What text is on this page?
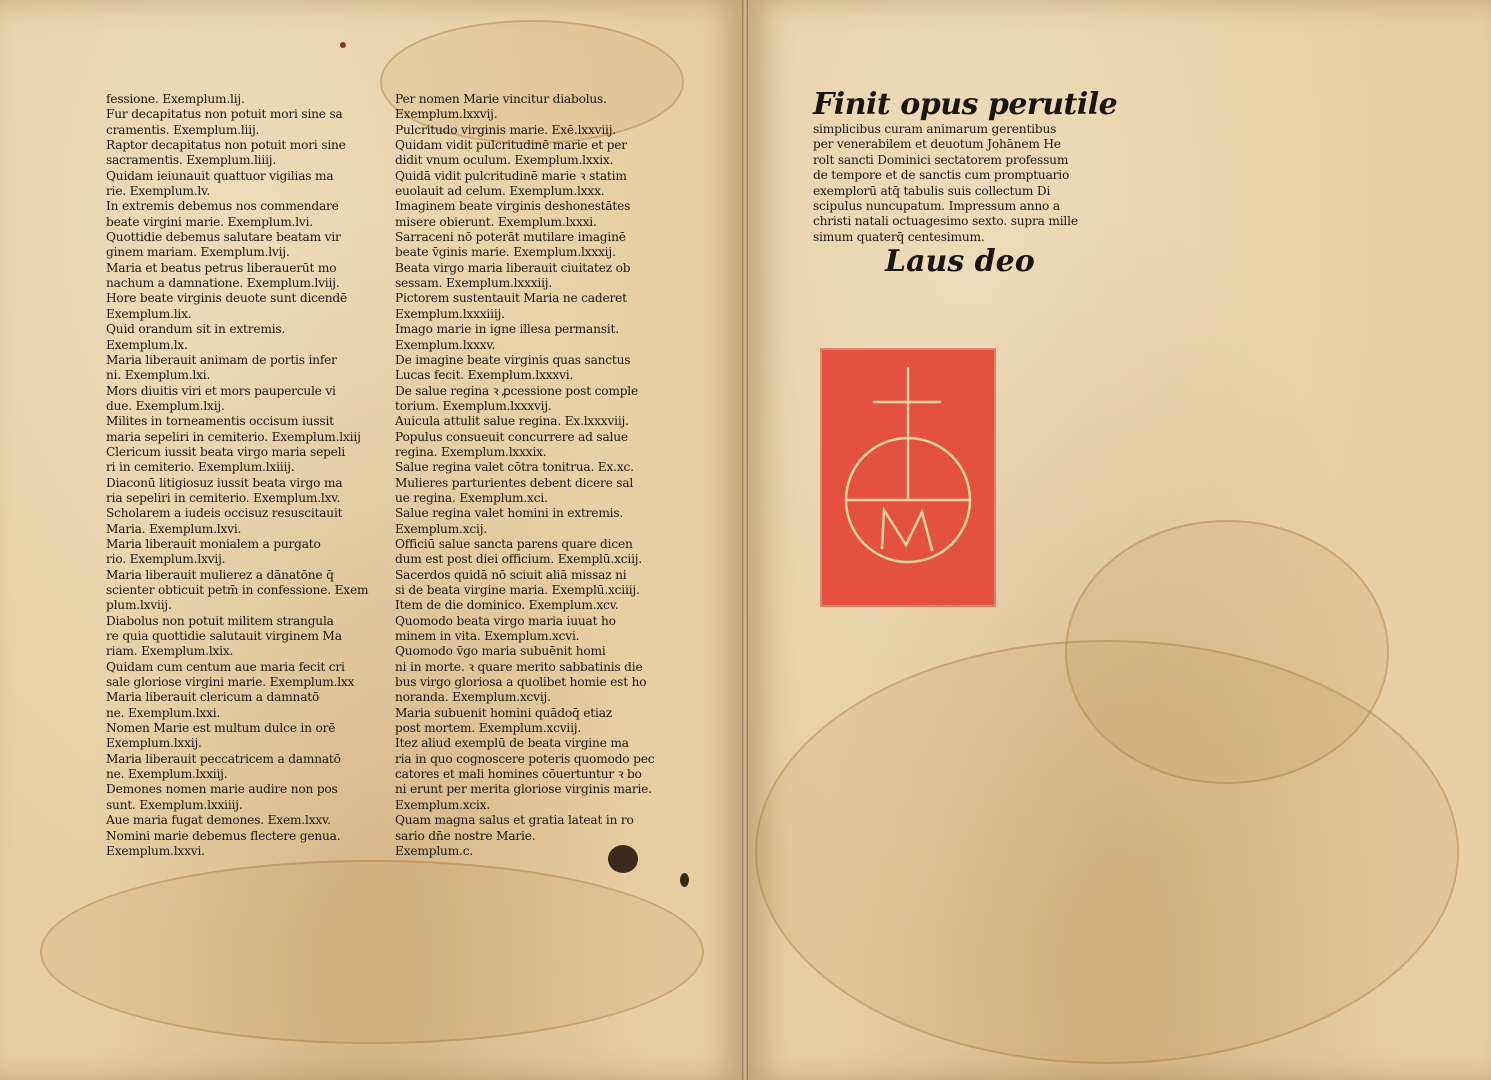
fessione. Exemplum.lij.
Fur decapitatus non potuit mori sine sa
cramentis. Exemplum.liij.
Raptor decapitatus non potuit mori sine
sacramentis. Exemplum.liiij.
Quidam ieiunauit quattuor vigilias ma
rie. Exemplum.lv.
In extremis debemus nos commendare
beate virgini marie. Exemplum.lvi.
Quottidie debemus salutare beatam vir
ginem mariam. Exemplum.lvij.
Maria et beatus petrus liberauerūt mo
nachum a damnatione. Exemplum.lviij.
Hore beate virginis deuote sunt dicendē
Exemplum.lix.
Quid orandum sit in extremis.
Exemplum.lx.
Maria liberauit animam de portis infer
ni. Exemplum.lxi.
Mors diuitis viri et mors paupercule vi
due. Exemplum.lxij.
Milites in torneamentis occisum iussit
maria sepeliri in cemiterio. Exemplum.lxiij
Clericum iussit beata virgo maria sepeli
ri in cemiterio. Exemplum.lxiiij.
Diaconū litigiosuz iussit beata virgo ma
ria sepeliri in cemiterio. Exemplum.lxv.
Scholarem a iudeis occisuz resuscitauit
Maria. Exemplum.lxvi.
Maria liberauit monialem a purgato
rio. Exemplum.lxvij.
Maria liberauit mulierez a dānatōne q̄
scienter obticuit petm̄ in confessione. Exem
plum.lxviij.
Diabolus non potuit militem strangula
re quia quottidie salutauit virginem Ma
riam. Exemplum.lxix.
Quidam cum centum aue maria fecit cri
sale gloriose virgini marie. Exemplum.lxx
Maria liberauit clericum a damnatō
ne. Exemplum.lxxi.
Nomen Marie est multum dulce in orē
Exemplum.lxxij.
Maria liberauit peccatricem a damnatō
ne. Exemplum.lxxiij.
Demones nomen marie audire non pos
sunt. Exemplum.lxxiiij.
Aue maria fugat demones. Exem.lxxv.
Nomini marie debemus flectere genua.
Exemplum.lxxvi.
Per nomen Marie vincitur diabolus.
Exemplum.lxxvij.
Pulcritudo virginis marie. Exē.lxxviij.
Quidam vidit pulcritudinē marie et per
didit vnum oculum. Exemplum.lxxix.
Quidā vidit pulcritudinē marie ꝛ statim
euolauit ad celum. Exemplum.lxxx.
Imaginem beate virginis deshonestātes
misere obierunt. Exemplum.lxxxi.
Sarraceni nō poterāt mutilare imaginē
beate v̄ginis marie. Exemplum.lxxxij.
Beata virgo maria liberauit ciuitatez ob
sessam. Exemplum.lxxxiij.
Pictorem sustentauit Maria ne caderet
Exemplum.lxxxiiij.
Imago marie in igne illesa permansit.
Exemplum.lxxxv.
De imagine beate virginis quas sanctus
Lucas fecit. Exemplum.lxxxvi.
De salue regina ꝛ ꝓcessione post comple
torium. Exemplum.lxxxvij.
Auicula attulit salue regina. Ex.lxxxviij.
Populus consueuit concurrere ad salue
regina. Exemplum.lxxxix.
Salue regina valet cōtra tonitrua. Ex.xc.
Mulieres parturientes debent dicere sal
ue regina. Exemplum.xci.
Salue regina valet homini in extremis.
Exemplum.xcij.
Officiū salue sancta parens quare dicen
dum est post diei officium. Exemplū.xciij.
Sacerdos quidā nō sciuit aliā missaz ni
si de beata virgine maria. Exemplū.xciiij.
Item de die dominico. Exemplum.xcv.
Quomodo beata virgo maria iuuat ho
minem in vita. Exemplum.xcvi.
Quomodo v̄go maria subuēnit homi
ni in morte. ꝛ quare merito sabbatinis die
bus virgo gloriosa a quolibet homie est ho
noranda. Exemplum.xcvij.
Maria subuenit homini quādoq̄ etiaz
post mortem. Exemplum.xcviij.
Itez aliud exemplū de beata virgine ma
ria in quo cognoscere poteris quomodo pec
catores et mali homines cōuertuntur ꝛ bo
ni erunt per merita gloriose virginis marie.
Exemplum.xcix.
Quam magna salus et gratia lateat in ro
sario dn̄e nostre Marie.
Exemplum.c.
Finit opus perutile
simplicibus curam animarum gerentibus
per venerabilem et deuotum Johānem He
rolt sancti Dominici sectatorem professum
de tempore et de sanctis cum promptuario
exemplorū atq̄ tabulis suis collectum Di
scipulus nuncupatum. Impressum anno a
christi natali octuagesimo sexto. supra mille
simum quaterq̄ centesimum.
Laus deo
